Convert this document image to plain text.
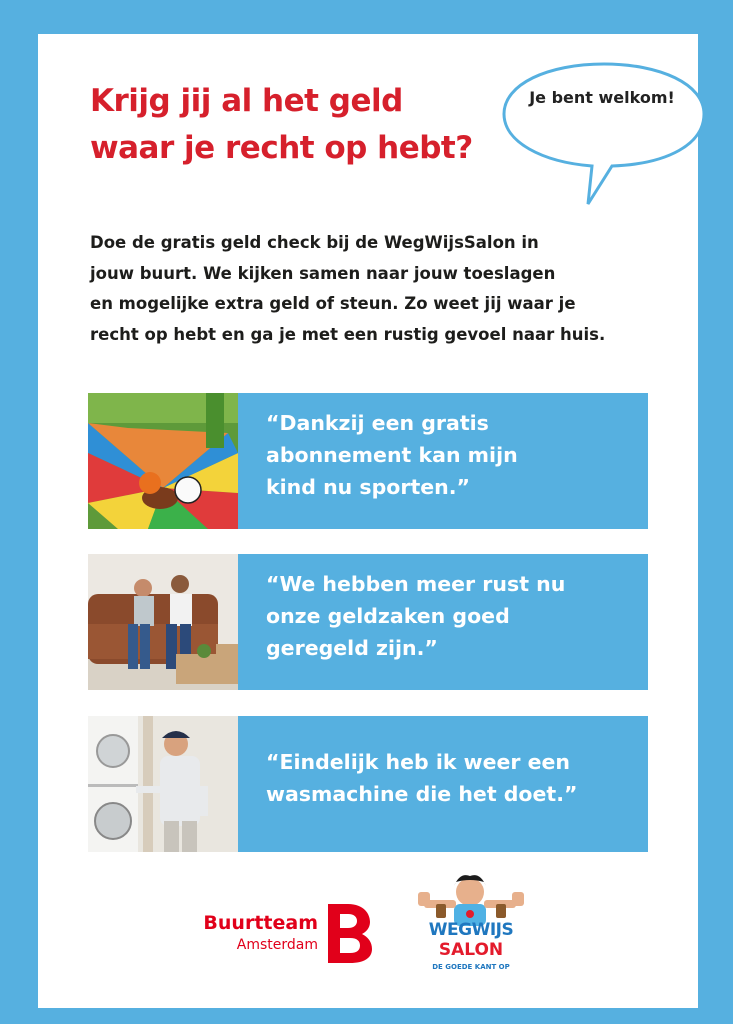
Krijg jij al het geld
waar je recht op hebt?
Je bent welkom!

Doe de gratis geld check bij de WegWijsSalon in
jouw buurt. We kijken samen naar jouw toeslagen
en mogelijke extra geld of steun. Zo weet jij waar je
recht op hebt en ga je met een rustig gevoel naar huis.

“Dankzij een gratis
abonnement kan mijn
kind nu sporten.”

“We hebben meer rust nu
onze geldzaken goed
geregeld zijn.”

“Eindelijk heb ik weer een
wasmachine die het doet.”

Buurtteam
Amsterdam
WEGWIJS
SALON
DE GOEDE KANT OP
